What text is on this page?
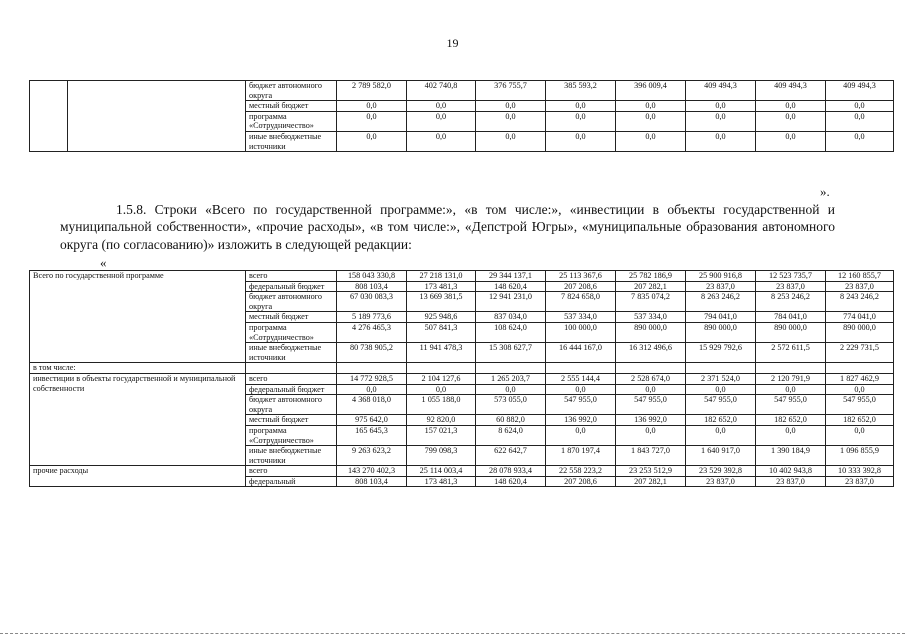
19
		бюджет автономного округа	2 789 582,0	402 740,8	376 755,7	385 593,2	396 009,4	409 494,3	409 494,3	409 494,3
		местный бюджет	0,0	0,0	0,0	0,0	0,0	0,0	0,0	0,0
		программа «Сотрудничество»	0,0	0,0	0,0	0,0	0,0	0,0	0,0	0,0
		иные внебюджетные источники	0,0	0,0	0,0	0,0	0,0	0,0	0,0	0,0
».

1.5.8. Строки «Всего по государственной программе:», «в том числе:», «инвестиции в объекты государственной и муниципальной собственности», «прочие расходы», «в том числе:», «Депстрой Югры», «муниципальные образования автономного округа (по согласованию)» изложить в следующей редакции:

«
Всего по государственной программе	всего	158 043 330,8	27 218 131,0	29 344 137,1	25 113 367,6	25 782 186,9	25 900 916,8	12 523 735,7	12 160 855,7
	федеральный бюджет	808 103,4	173 481,3	148 620,4	207 208,6	207 282,1	23 837,0	23 837,0	23 837,0
	бюджет автономного округа	67 030 083,3	13 669 381,5	12 941 231,0	7 824 658,0	7 835 074,2	8 263 246,2	8 253 246,2	8 243 246,2
	местный бюджет	5 189 773,6	925 948,6	837 034,0	537 334,0	537 334,0	794 041,0	784 041,0	774 041,0
	программа «Сотрудничество»	4 276 465,3	507 841,3	108 624,0	100 000,0	890 000,0	890 000,0	890 000,0	890 000,0
	иные внебюджетные источники	80 738 905,2	11 941 478,3	15 308 627,7	16 444 167,0	16 312 496,6	15 929 792,6	2 572 611,5	2 229 731,5
в том числе:									
инвестиции в объекты государственной и муниципальной собственности	всего	14 772 928,5	2 104 127,6	1 265 203,7	2 555 144,4	2 528 674,0	2 371 524,0	2 120 791,9	1 827 462,9
	федеральный бюджет	0,0	0,0	0,0	0,0	0,0	0,0	0,0	0,0
	бюджет автономного округа	4 368 018,0	1 055 188,0	573 055,0	547 955,0	547 955,0	547 955,0	547 955,0	547 955,0
	местный бюджет	975 642,0	92 820,0	60 882,0	136 992,0	136 992,0	182 652,0	182 652,0	182 652,0
	программа «Сотрудничество»	165 645,3	157 021,3	8 624,0	0,0	0,0	0,0	0,0	0,0
	иные внебюджетные источники	9 263 623,2	799 098,3	622 642,7	1 870 197,4	1 843 727,0	1 640 917,0	1 390 184,9	1 096 855,9
прочие расходы	всего	143 270 402,3	25 114 003,4	28 078 933,4	22 558 223,2	23 253 512,9	23 529 392,8	10 402 943,8	10 333 392,8
	федеральный	808 103,4	173 481,3	148 620,4	207 208,6	207 282,1	23 837,0	23 837,0	23 837,0
